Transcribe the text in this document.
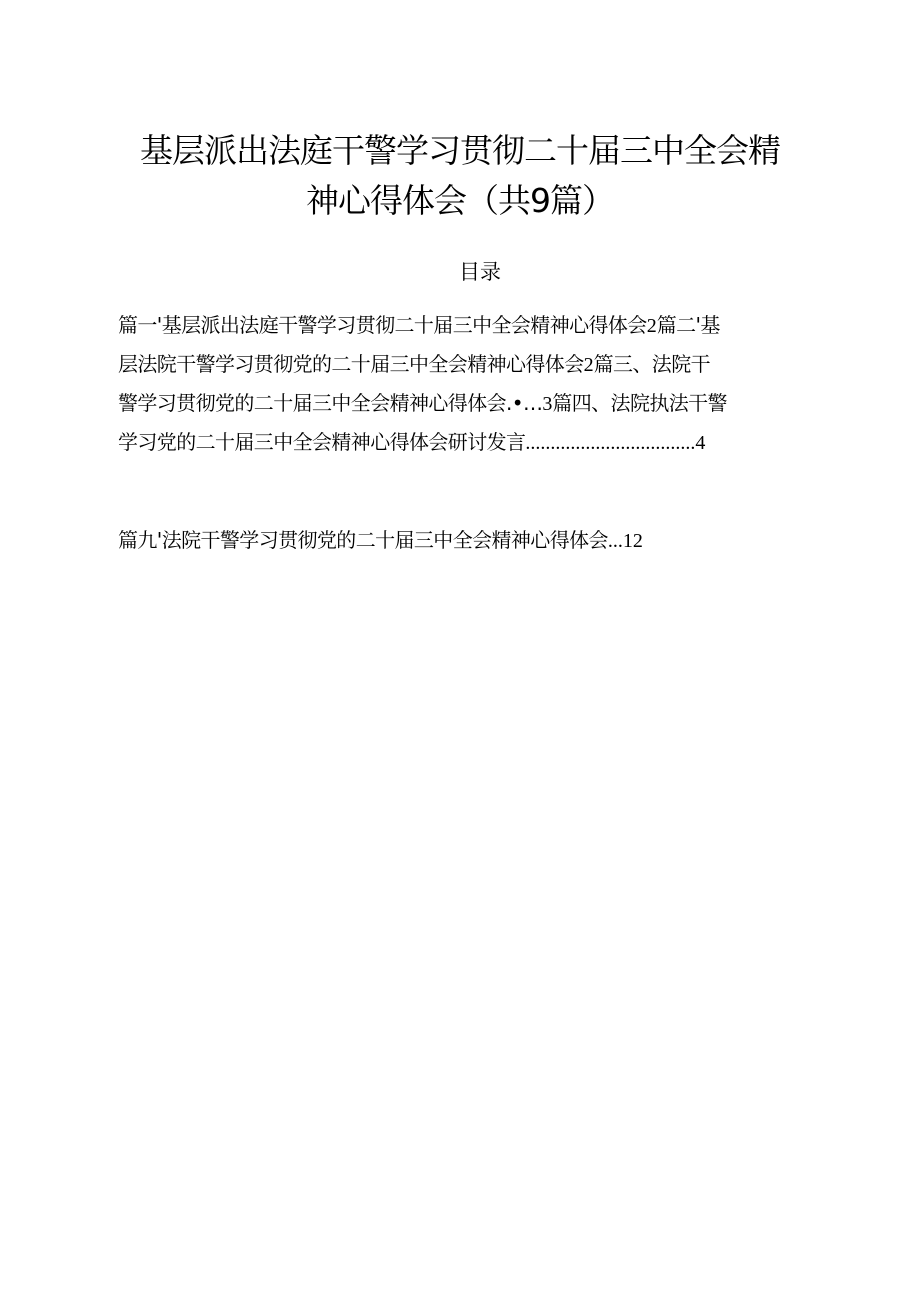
基层派出法庭干警学习贯彻二十届三中全会精
神心得体会（共9篇）
目录
篇一'基层派出法庭干警学习贯彻二十届三中全会精神心得体会2篇二'基
层法院干警学习贯彻党的二十届三中全会精神心得体会2篇三、法院干
警学习贯彻党的二十届三中全会精神心得体会.•…3篇四、法院执法干警
学习党的二十届三中全会精神心得体会研讨发言..................................4
篇九'法院干警学习贯彻党的二十届三中全会精神心得体会...12
